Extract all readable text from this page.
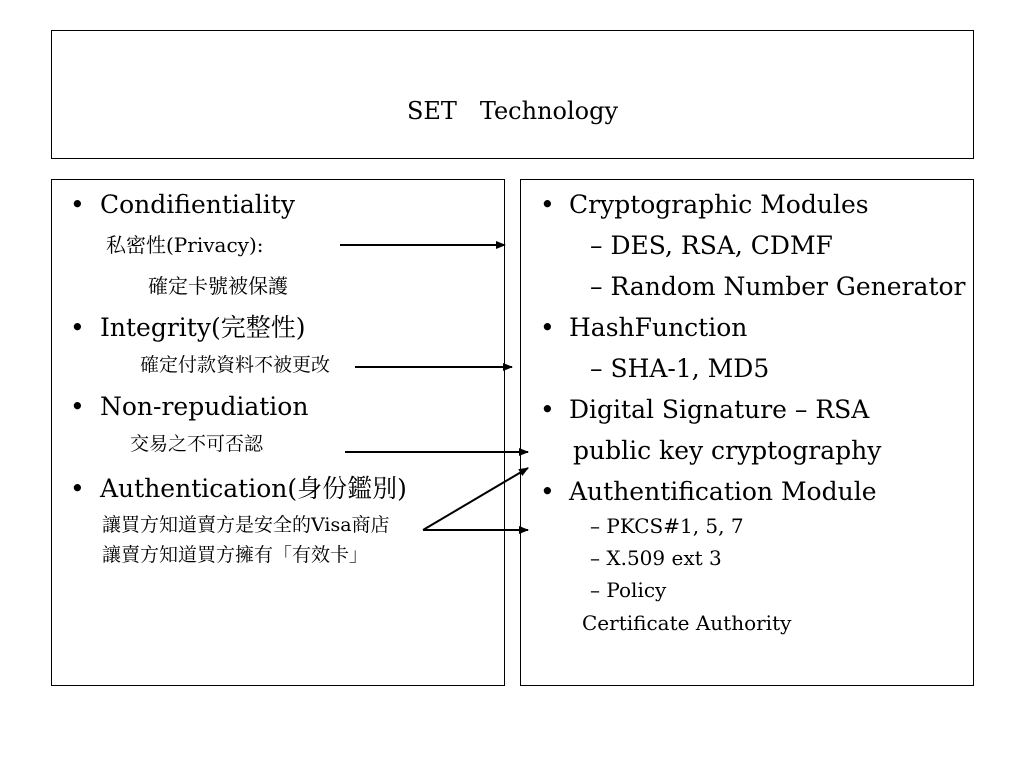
SET   Technology
• Condifientiality
私密性(Privacy):
確定卡號被保護
• Integrity(完整性)
確定付款資料不被更改
• Non-repudiation
交易之不可否認
• Authentication(身份鑑別)
讓買方知道賣方是安全的Visa商店
讓賣方知道買方擁有「有效卡」
• Cryptographic Modules
– DES, RSA, CDMF
– Random Number Generator
• HashFunction
– SHA-1, MD5
• Digital Signature – RSA
public key cryptography
• Authentification Module
– PKCS#1, 5, 7
– X.509 ext 3
– Policy
Certificate Authority
